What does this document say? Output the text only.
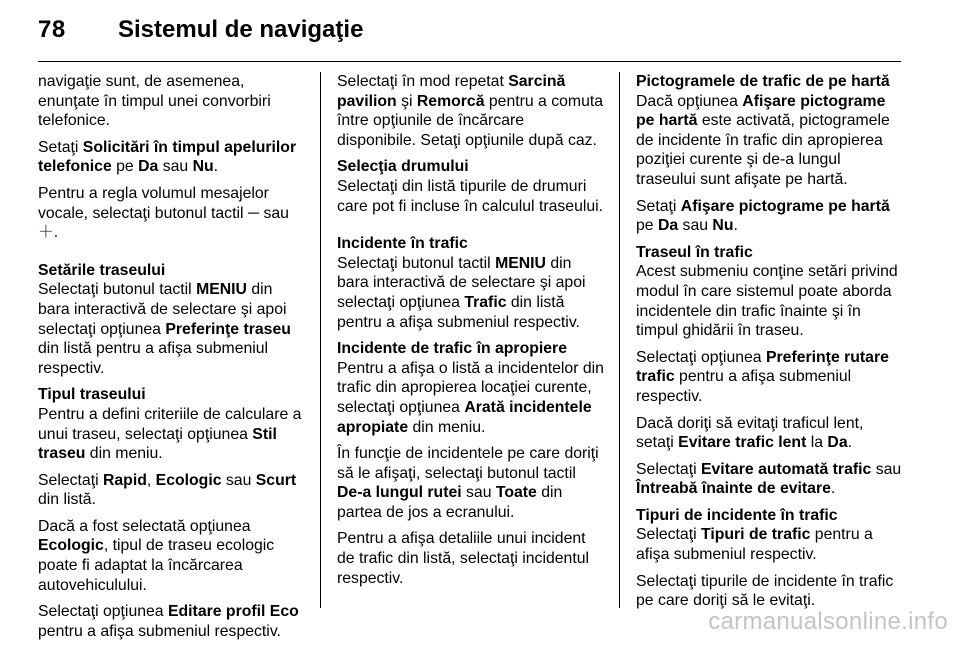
78 Sistemul de navigaţie

navigaţie sunt, de asemenea, enunţate în timpul unei convorbiri telefonice.

Setaţi Solicitări în timpul apelurilor telefonice pe Da sau Nu.

Pentru a regla volumul mesajelor vocale, selectaţi butonul tactil ─ sau ＋.

Setările traseului
Selectaţi butonul tactil MENIU din bara interactivă de selectare şi apoi selectaţi opţiunea Preferinţe traseu din listă pentru a afişa submeniul respectiv.

Tipul traseului
Pentru a defini criteriile de calculare a unui traseu, selectaţi opţiunea Stil traseu din meniu.

Selectaţi Rapid, Ecologic sau Scurt din listă.

Dacă a fost selectată opţiunea Ecologic, tipul de traseu ecologic poate fi adaptat la încărcarea autovehiculului.

Selectaţi opţiunea Editare profil Eco pentru a afişa submeniul respectiv.

Selectaţi în mod repetat Sarcină pavilion şi Remorcă pentru a comuta între opţiunile de încărcare disponibile. Setaţi opţiunile după caz.

Selecţia drumului
Selectaţi din listă tipurile de drumuri care pot fi incluse în calculul traseului.

Incidente în trafic
Selectaţi butonul tactil MENIU din bara interactivă de selectare şi apoi selectaţi opţiunea Trafic din listă pentru a afişa submeniul respectiv.

Incidente de trafic în apropiere
Pentru a afişa o listă a incidentelor din trafic din apropierea locaţiei curente, selectaţi opţiunea Arată incidentele apropiate din meniu.

În funcţie de incidentele pe care doriţi să le afişaţi, selectaţi butonul tactil De-a lungul rutei sau Toate din partea de jos a ecranului.

Pentru a afişa detaliile unui incident de trafic din listă, selectaţi incidentul respectiv.

Pictogramele de trafic de pe hartă
Dacă opţiunea Afişare pictograme pe hartă este activată, pictogramele de incidente în trafic din apropierea poziţiei curente şi de-a lungul traseului sunt afişate pe hartă.

Setaţi Afişare pictograme pe hartă pe Da sau Nu.

Traseul în trafic
Acest submeniu conţine setări privind modul în care sistemul poate aborda incidentele din trafic înainte şi în timpul ghidării în traseu.

Selectaţi opţiunea Preferinţe rutare trafic pentru a afişa submeniul respectiv.

Dacă doriţi să evitaţi traficul lent, setaţi Evitare trafic lent la Da.

Selectaţi Evitare automată trafic sau Întreabă înainte de evitare.

Tipuri de incidente în trafic
Selectaţi Tipuri de trafic pentru a afişa submeniul respectiv.

Selectaţi tipurile de incidente în trafic pe care doriţi să le evitaţi.

carmanualsonline.info
